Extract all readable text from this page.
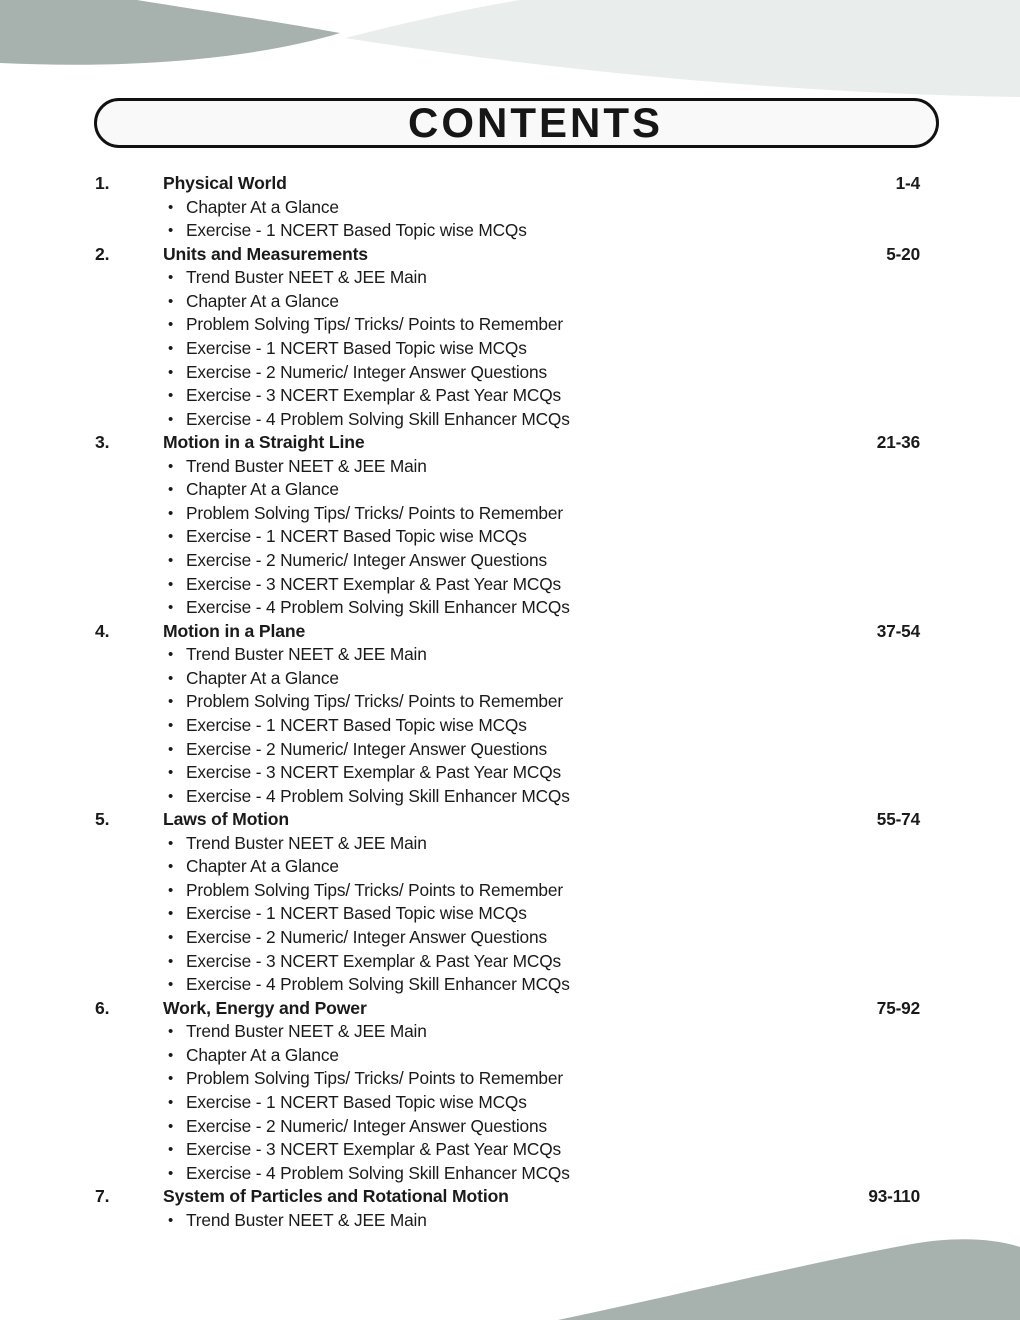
CONTENTS
1.	Physical World	1-4
• Chapter At a Glance
• Exercise - 1 NCERT Based Topic wise MCQs
2.	Units and Measurements	5-20
• Trend Buster NEET & JEE Main
• Chapter At a Glance
• Problem Solving Tips/ Tricks/ Points to Remember
• Exercise - 1 NCERT Based Topic wise MCQs
• Exercise - 2 Numeric/ Integer Answer Questions
• Exercise - 3 NCERT Exemplar & Past Year MCQs
• Exercise - 4 Problem Solving Skill Enhancer MCQs
3.	Motion in a Straight Line	21-36
• Trend Buster NEET & JEE Main
• Chapter At a Glance
• Problem Solving Tips/ Tricks/ Points to Remember
• Exercise - 1 NCERT Based Topic wise MCQs
• Exercise - 2 Numeric/ Integer Answer Questions
• Exercise - 3 NCERT Exemplar & Past Year MCQs
• Exercise - 4 Problem Solving Skill Enhancer MCQs
4.	Motion in a Plane	37-54
• Trend Buster NEET & JEE Main
• Chapter At a Glance
• Problem Solving Tips/ Tricks/ Points to Remember
• Exercise - 1 NCERT Based Topic wise MCQs
• Exercise - 2 Numeric/ Integer Answer Questions
• Exercise - 3 NCERT Exemplar & Past Year MCQs
• Exercise - 4 Problem Solving Skill Enhancer MCQs
5.	Laws of Motion	55-74
• Trend Buster NEET & JEE Main
• Chapter At a Glance
• Problem Solving Tips/ Tricks/ Points to Remember
• Exercise - 1 NCERT Based Topic wise MCQs
• Exercise - 2 Numeric/ Integer Answer Questions
• Exercise - 3 NCERT Exemplar & Past Year MCQs
• Exercise - 4 Problem Solving Skill Enhancer MCQs
6.	Work, Energy and Power	75-92
• Trend Buster NEET & JEE Main
• Chapter At a Glance
• Problem Solving Tips/ Tricks/ Points to Remember
• Exercise - 1 NCERT Based Topic wise MCQs
• Exercise - 2 Numeric/ Integer Answer Questions
• Exercise - 3 NCERT Exemplar & Past Year MCQs
• Exercise - 4 Problem Solving Skill Enhancer MCQs
7.	System of Particles and Rotational Motion	93-110
• Trend Buster NEET & JEE Main
